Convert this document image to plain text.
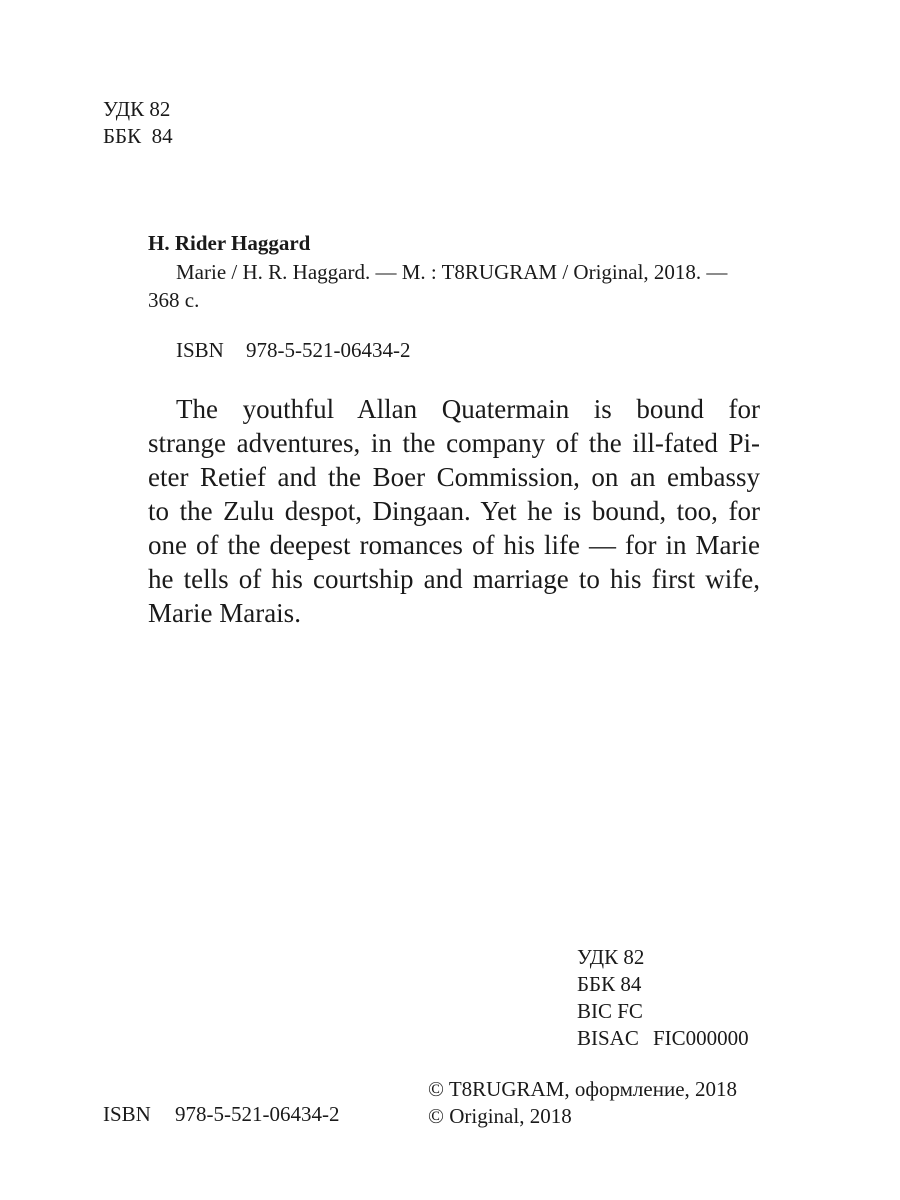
УДК 82
ББК  84
H. Rider Haggard
Marie / H. R. Haggard. — M. : T8RUGRAM / Original, 2018. —
368 с.
ISBN 978-5-521-06434-2
The youthful Allan Quatermain is bound for
strange adventures, in the company of the ill-fated Pi-
eter Retief and the Boer Commission, on an embassy
to the Zulu despot, Dingaan. Yet he is bound, too, for
one of the deepest romances of his life — for in Marie
he tells of his courtship and marriage to his first wife,
Marie Marais.
УДК 82
ББК 84
BIC FC
BISAC FIC000000
© T8RUGRAM, оформление, 2018
© Original, 2018
ISBN 978-5-521-06434-2
